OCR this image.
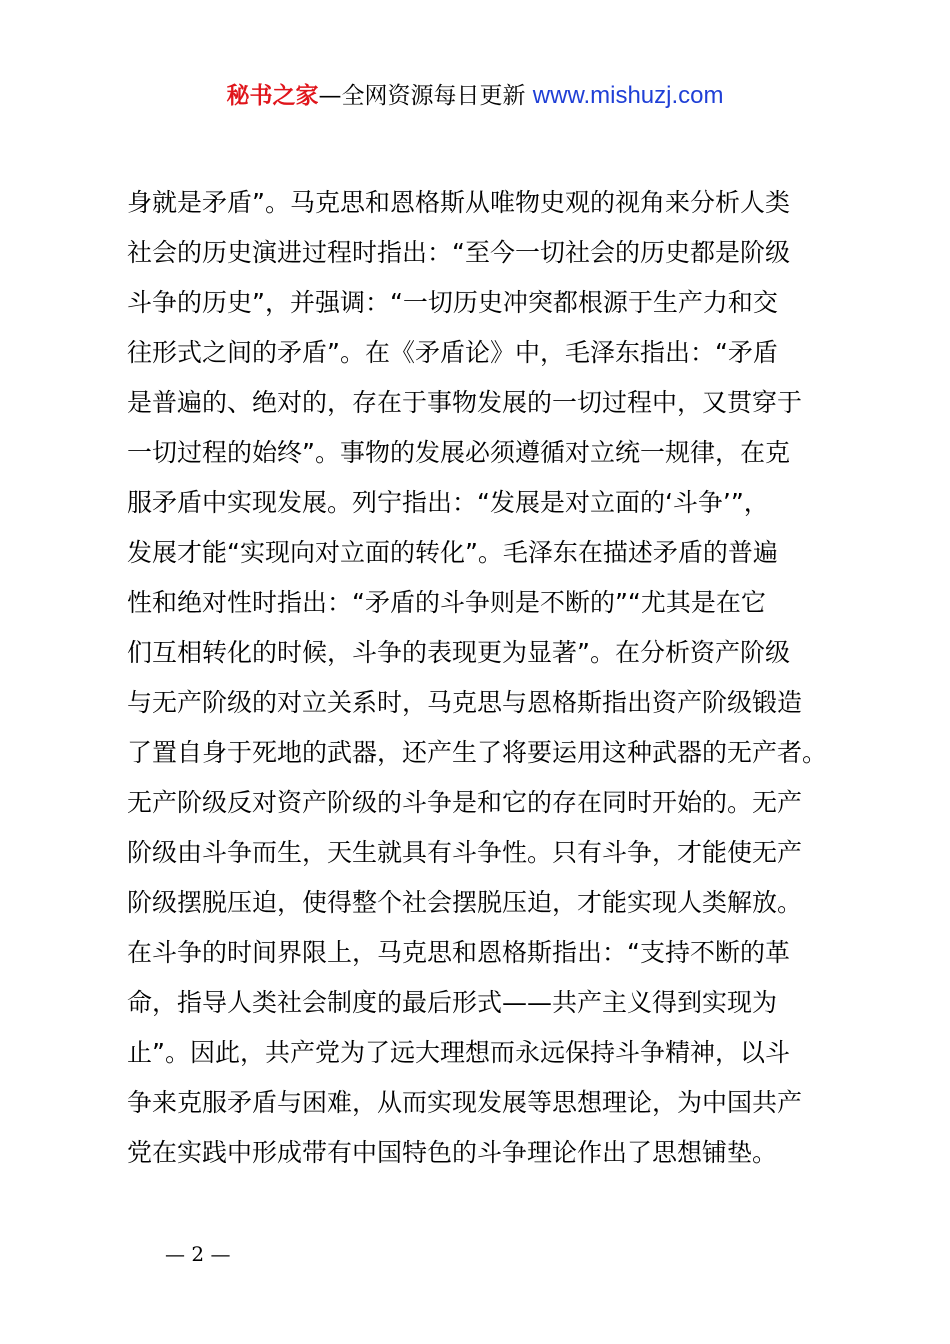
秘书之家—全网资源每日更新 www.mishuzj.com
身就是矛盾”。马克思和恩格斯从唯物史观的视角来分析人类
社会的历史演进过程时指出：“至今一切社会的历史都是阶级
斗争的历史”，并强调：“一切历史冲突都根源于生产力和交
往形式之间的矛盾”。在《矛盾论》中，毛泽东指出：“矛盾
是普遍的、绝对的，存在于事物发展的一切过程中，又贯穿于
一切过程的始终”。事物的发展必须遵循对立统一规律，在克
服矛盾中实现发展。列宁指出：“发展是对立面的‘斗争’”，
发展才能“实现向对立面的转化”。毛泽东在描述矛盾的普遍
性和绝对性时指出：“矛盾的斗争则是不断的”“尤其是在它
们互相转化的时候，斗争的表现更为显著”。在分析资产阶级
与无产阶级的对立关系时，马克思与恩格斯指出资产阶级锻造
了置自身于死地的武器，还产生了将要运用这种武器的无产者。
无产阶级反对资产阶级的斗争是和它的存在同时开始的。无产
阶级由斗争而生，天生就具有斗争性。只有斗争，才能使无产
阶级摆脱压迫，使得整个社会摆脱压迫，才能实现人类解放。
在斗争的时间界限上，马克思和恩格斯指出：“支持不断的革
命，指导人类社会制度的最后形式——共产主义得到实现为
止”。因此，共产党为了远大理想而永远保持斗争精神，以斗
争来克服矛盾与困难，从而实现发展等思想理论，为中国共产
党在实践中形成带有中国特色的斗争理论作出了思想铺垫。
— 2 —
